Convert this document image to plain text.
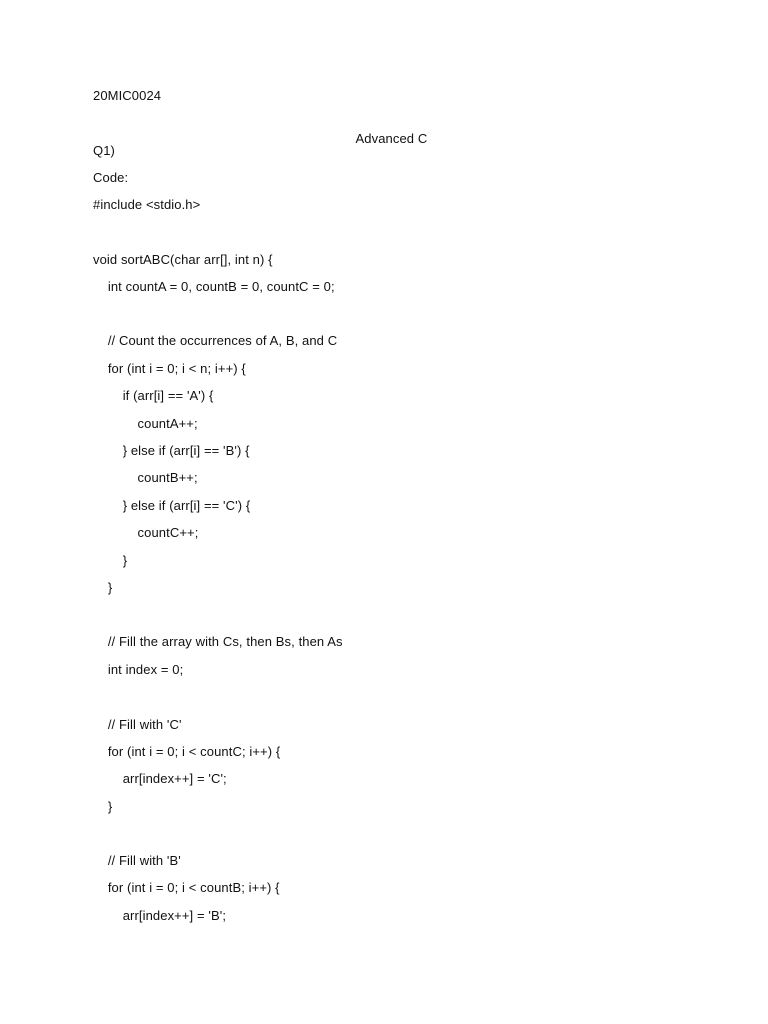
20MIC0024

Advanced C

Q1)
Code:
#include <stdio.h>
void sortABC(char arr[], int n) {
int countA = 0, countB = 0, countC = 0;
// Count the occurrences of A, B, and C
for (int i = 0; i < n; i++) {
if (arr[i] == 'A') {
countA++;
} else if (arr[i] == 'B') {
countB++;
} else if (arr[i] == 'C') {
countC++;
}
}
// Fill the array with Cs, then Bs, then As
int index = 0;
// Fill with 'C'
for (int i = 0; i < countC; i++) {
arr[index++] = 'C';
}
// Fill with 'B'
for (int i = 0; i < countB; i++) {
arr[index++] = 'B';
